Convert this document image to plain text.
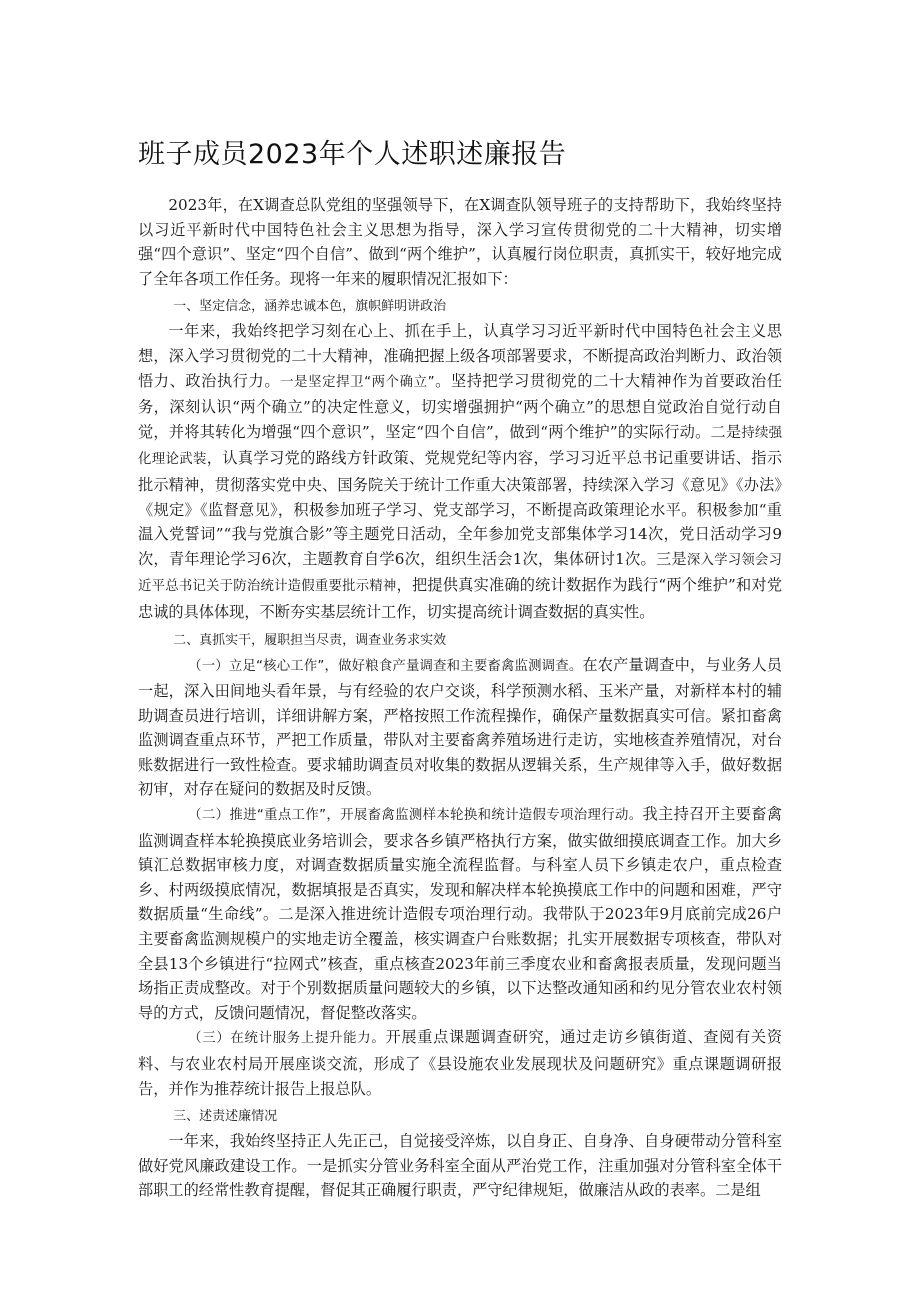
班子成员2023年个人述职述廉报告

2023年，在X调查总队党组的坚强领导下，在X调查队领导班子的支持帮助下，我始终坚持以习近平新时代中国特色社会主义思想为指导，深入学习宣传贯彻党的二十大精神，切实增强“四个意识”、坚定“四个自信”、做到“两个维护”，认真履行岗位职责，真抓实干，较好地完成了全年各项工作任务。现将一年来的履职情况汇报如下：

一、坚定信念，涵养忠诚本色，旗帜鲜明讲政治

一年来，我始终把学习刻在心上、抓在手上，认真学习习近平新时代中国特色社会主义思想，深入学习贯彻党的二十大精神，准确把握上级各项部署要求，不断提高政治判断力、政治领悟力、政治执行力。一是坚定捍卫“两个确立”。坚持把学习贯彻党的二十大精神作为首要政治任务，深刻认识“两个确立”的决定性意义，切实增强拥护“两个确立”的思想自觉政治自觉行动自觉，并将其转化为增强“四个意识”，坚定“四个自信”，做到“两个维护”的实际行动。二是持续强化理论武装，认真学习党的路线方针政策、党规党纪等内容，学习习近平总书记重要讲话、指示批示精神，贯彻落实党中央、国务院关于统计工作重大决策部署，持续深入学习《意见》《办法》《规定》《监督意见》，积极参加班子学习、党支部学习，不断提高政策理论水平。积极参加“重温入党誓词”“我与党旗合影”等主题党日活动，全年参加党支部集体学习14次，党日活动学习9次，青年理论学习6次，主题教育自学6次，组织生活会1次，集体研讨1次。三是深入学习领会习近平总书记关于防治统计造假重要批示精神，把提供真实准确的统计数据作为践行“两个维护”和对党忠诚的具体体现，不断夯实基层统计工作，切实提高统计调查数据的真实性。

二、真抓实干，履职担当尽责，调查业务求实效

（一）立足“核心工作”，做好粮食产量调查和主要畜禽监测调查。在农产量调查中，与业务人员一起，深入田间地头看年景，与有经验的农户交谈，科学预测水稻、玉米产量，对新样本村的辅助调查员进行培训，详细讲解方案，严格按照工作流程操作，确保产量数据真实可信。紧扣畜禽监测调查重点环节，严把工作质量，带队对主要畜禽养殖场进行走访，实地核查养殖情况，对台账数据进行一致性检查。要求辅助调查员对收集的数据从逻辑关系，生产规律等入手，做好数据初审，对存在疑问的数据及时反馈。

（二）推进“重点工作”，开展畜禽监测样本轮换和统计造假专项治理行动。我主持召开主要畜禽监测调查样本轮换摸底业务培训会，要求各乡镇严格执行方案，做实做细摸底调查工作。加大乡镇汇总数据审核力度，对调查数据质量实施全流程监督。与科室人员下乡镇走农户，重点检查乡、村两级摸底情况，数据填报是否真实，发现和解决样本轮换摸底工作中的问题和困难，严守数据质量“生命线”。二是深入推进统计造假专项治理行动。我带队于2023年9月底前完成26户主要畜禽监测规模户的实地走访全覆盖，核实调查户台账数据；扎实开展数据专项核查，带队对全县13个乡镇进行“拉网式”核查，重点核查2023年前三季度农业和畜禽报表质量，发现问题当场指正责成整改。对于个别数据质量问题较大的乡镇，以下达整改通知函和约见分管农业农村领导的方式，反馈问题情况，督促整改落实。

（三）在统计服务上提升能力。开展重点课题调查研究，通过走访乡镇街道、查阅有关资料、与农业农村局开展座谈交流，形成了《县设施农业发展现状及问题研究》重点课题调研报告，并作为推荐统计报告上报总队。

三、述责述廉情况

一年来，我始终坚持正人先正己，自觉接受淬炼，以自身正、自身净、自身硬带动分管科室做好党风廉政建设工作。一是抓实分管业务科室全面从严治党工作，注重加强对分管科室全体干部职工的经常性教育提醒，督促其正确履行职责，严守纪律规矩，做廉洁从政的表率。二是组
